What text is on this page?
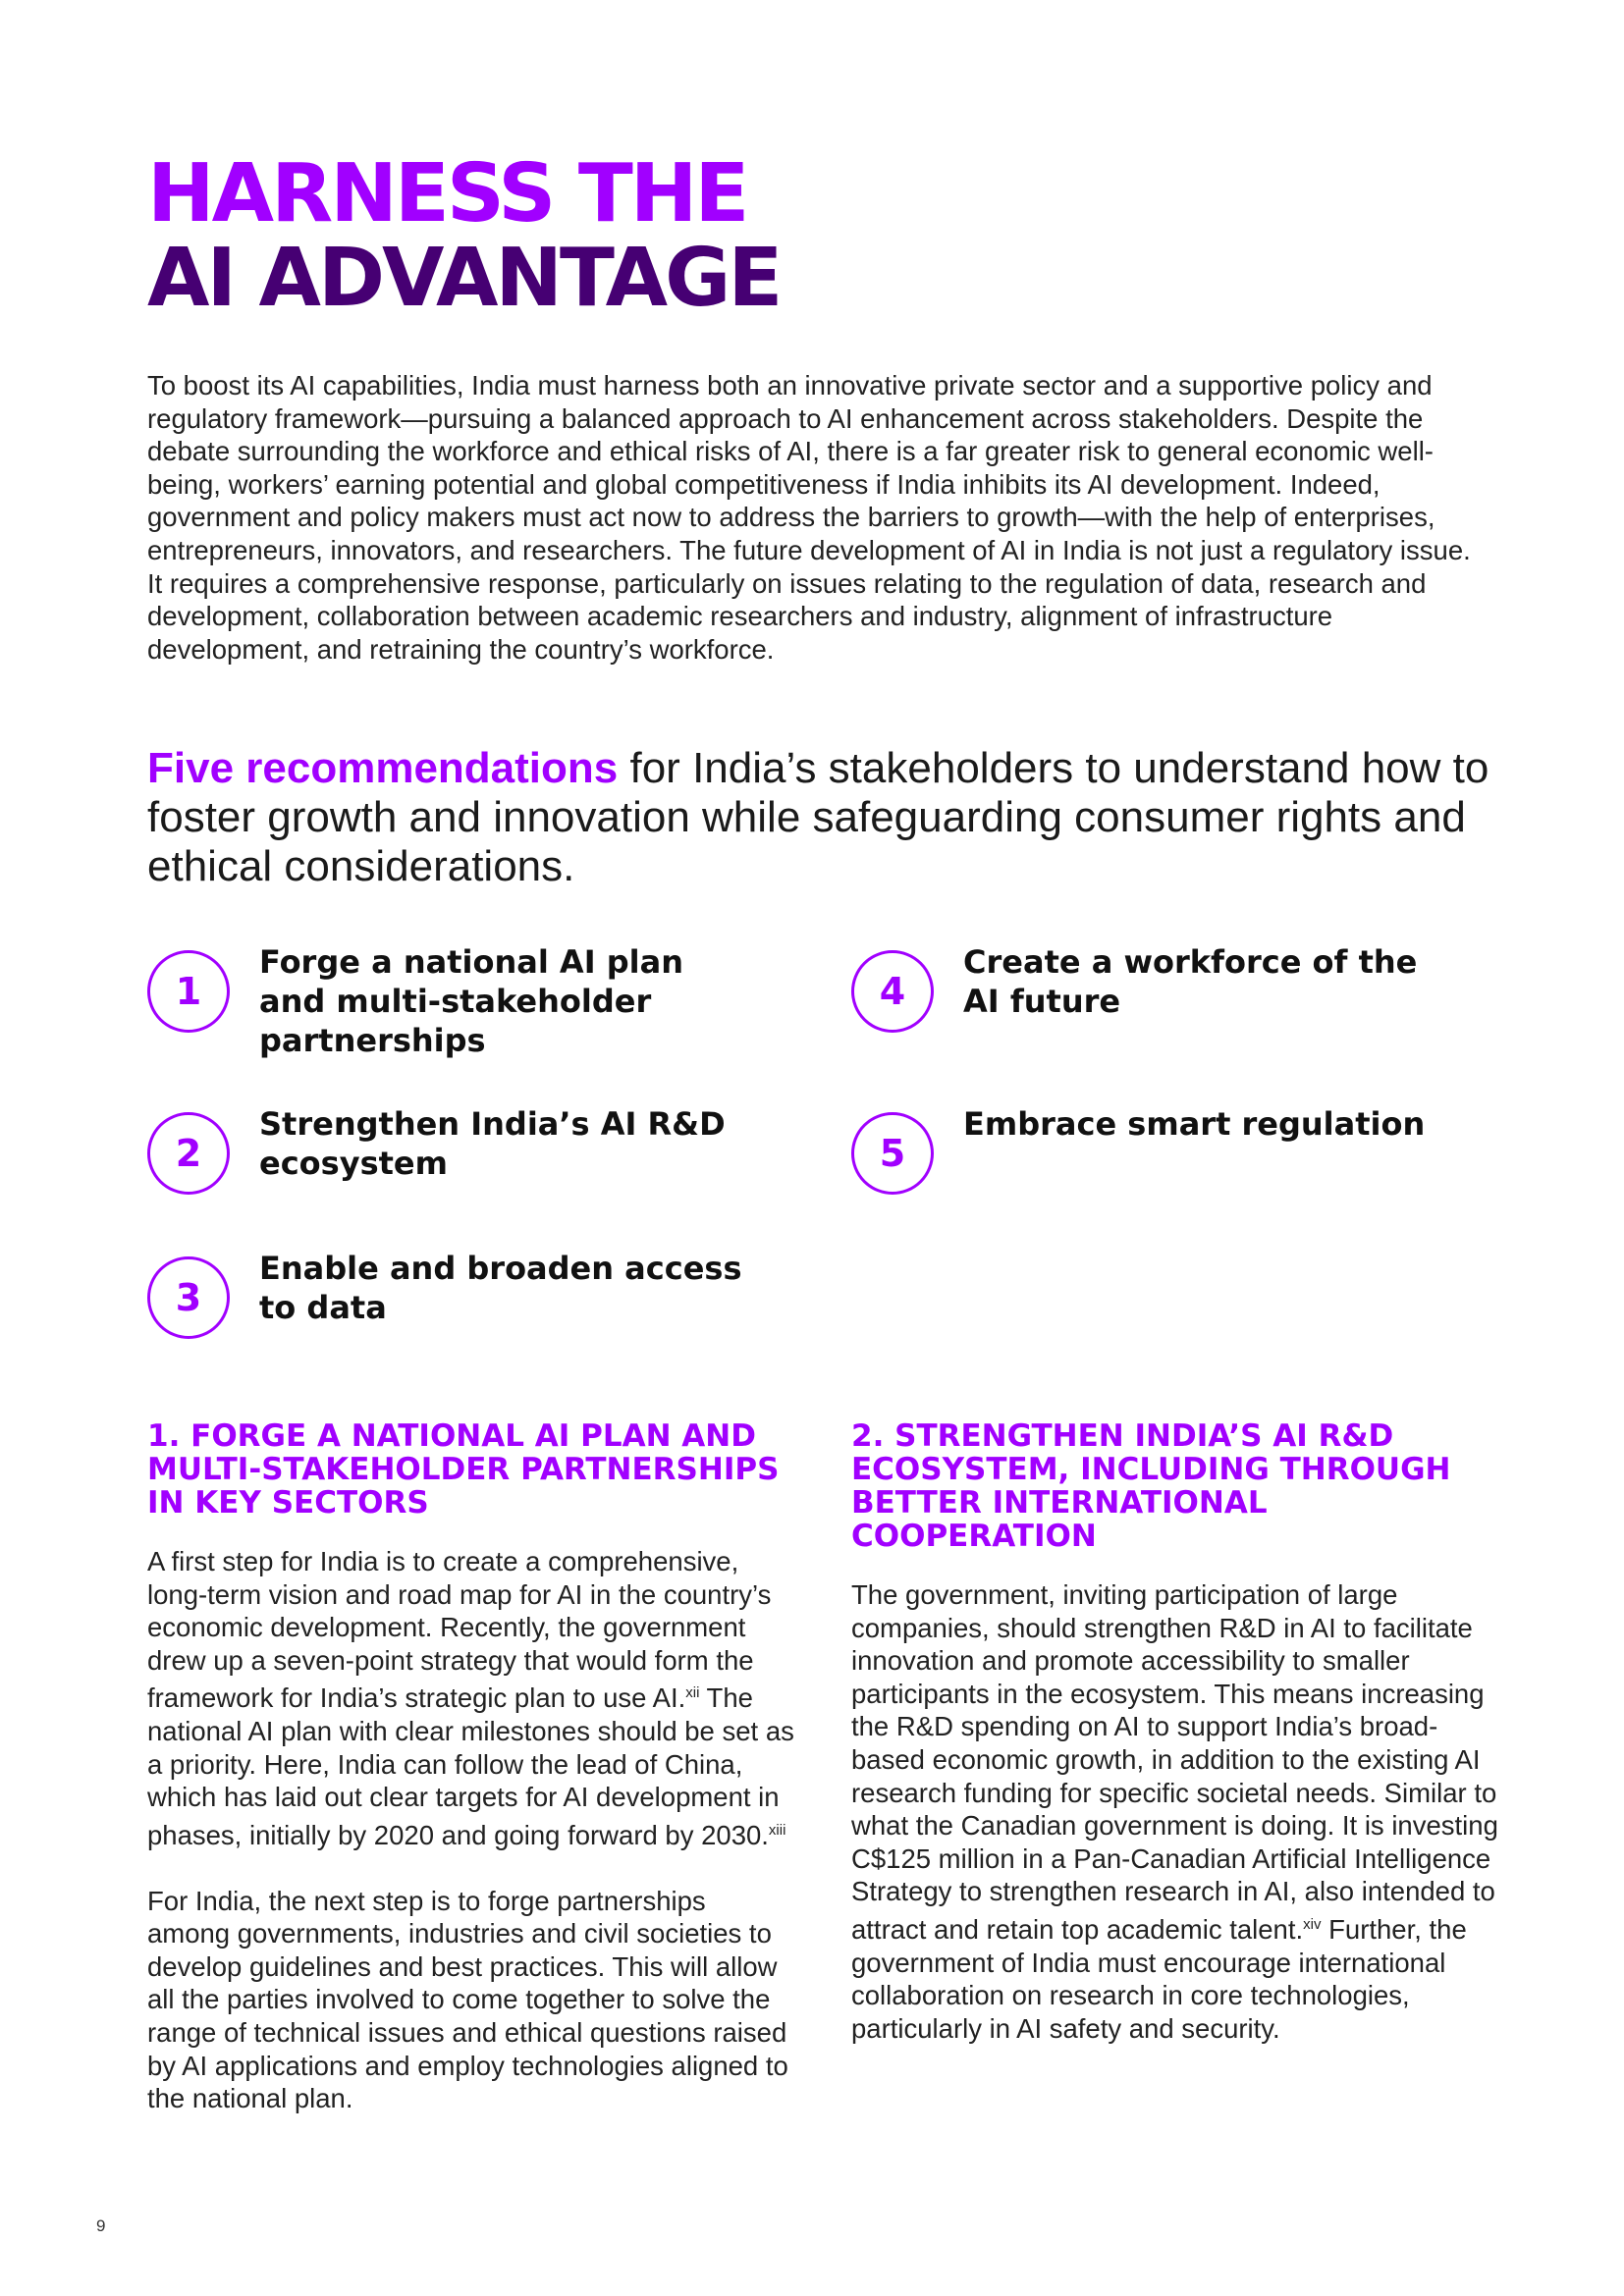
HARNESS THE
AI ADVANTAGE

To boost its AI capabilities, India must harness both an innovative private sector and a supportive policy and regulatory framework—pursuing a balanced approach to AI enhancement across stakeholders. Despite the debate surrounding the workforce and ethical risks of AI, there is a far greater risk to general economic well-being, workers’ earning potential and global competitiveness if India inhibits its AI development. Indeed, government and policy makers must act now to address the barriers to growth—with the help of enterprises, entrepreneurs, innovators, and researchers. The future development of AI in India is not just a regulatory issue. It requires a comprehensive response, particularly on issues relating to the regulation of data, research and development, collaboration between academic researchers and industry, alignment of infrastructure development, and retraining the country’s workforce.

Five recommendations for India’s stakeholders to understand how to foster growth and innovation while safeguarding consumer rights and ethical considerations.
1
Forge a national AI plan and multi-stakeholder partnerships
2
Strengthen India’s AI R&D ecosystem
3
Enable and broaden access to data
4
Create a workforce of the AI future
5
Embrace smart regulation
1. FORGE A NATIONAL AI PLAN AND MULTI-STAKEHOLDER PARTNERSHIPS IN KEY SECTORS

A first step for India is to create a comprehensive, long-term vision and road map for AI in the country’s economic development. Recently, the government drew up a seven-point strategy that would form the framework for India’s strategic plan to use AI.$^{xii}$ The national AI plan with clear milestones should be set as a priority. Here, India can follow the lead of China, which has laid out clear targets for AI development in phases, initially by 2020 and going forward by 2030.$^{xiii}$

For India, the next step is to forge partnerships among governments, industries and civil societies to develop guidelines and best practices. This will allow all the parties involved to come together to solve the range of technical issues and ethical questions raised by AI applications and employ technologies aligned to the national plan.

2. STRENGTHEN INDIA’S AI R&D ECOSYSTEM, INCLUDING THROUGH BETTER INTERNATIONAL COOPERATION

The government, inviting participation of large companies, should strengthen R&D in AI to facilitate innovation and promote accessibility to smaller participants in the ecosystem. This means increasing the R&D spending on AI to support India’s broad-based economic growth, in addition to the existing AI research funding for specific societal needs. Similar to what the Canadian government is doing. It is investing C$125 million in a Pan-Canadian Artificial Intelligence Strategy to strengthen research in AI, also intended to attract and retain top academic talent.$^{xiv}$ Further, the government of India must encourage international collaboration on research in core technologies, particularly in AI safety and security.

9
